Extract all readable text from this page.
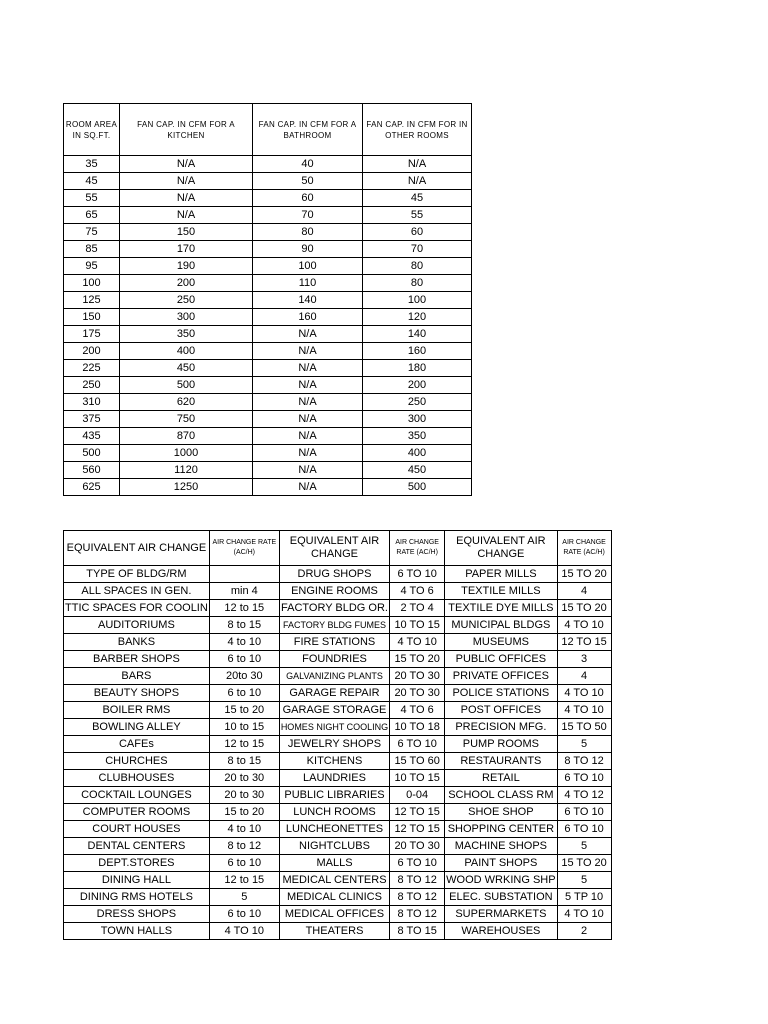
ROOM AREA IN SQ.FT.	FAN CAP. IN CFM FOR A KITCHEN	FAN CAP. IN CFM FOR A BATHROOM	FAN CAP. IN CFM FOR IN OTHER ROOMS
35	N/A	40	N/A
45	N/A	50	N/A
55	N/A	60	45
65	N/A	70	55
75	150	80	60
85	170	90	70
95	190	100	80
100	200	110	80
125	250	140	100
150	300	160	120
175	350	N/A	140
200	400	N/A	160
225	450	N/A	180
250	500	N/A	200
310	620	N/A	250
375	750	N/A	300
435	870	N/A	350
500	1000	N/A	400
560	1120	N/A	450
625	1250	N/A	500
EQUIVALENT AIR CHANGE	AIR CHANGE RATE (AC/H)	EQUIVALENT AIR CHANGE	AIR CHANGE RATE (AC/H)	EQUIVALENT AIR CHANGE	AIR CHANGE RATE (AC/H)
TYPE OF BLDG/RM		DRUG SHOPS	6 TO 10	PAPER MILLS	15 TO 20
ALL SPACES IN GEN.	min 4	ENGINE ROOMS	4 TO 6	TEXTILE MILLS	4
TTIC SPACES FOR COOLIN	12 to 15	FACTORY BLDG OR.	2 TO 4	TEXTILE DYE MILLS	15 TO 20
AUDITORIUMS	8 to 15	FACTORY BLDG FUMES	10 TO 15	MUNICIPAL BLDGS	4 TO 10
BANKS	4 to 10	FIRE STATIONS	4 TO 10	MUSEUMS	12 TO 15
BARBER SHOPS	6 to 10	FOUNDRIES	15 TO 20	PUBLIC OFFICES	3
BARS	20to 30	GALVANIZING PLANTS	20 TO 30	PRIVATE OFFICES	4
BEAUTY SHOPS	6 to 10	GARAGE REPAIR	20 TO 30	POLICE STATIONS	4 TO 10
BOILER RMS	15 to 20	GARAGE STORAGE	4 TO 6	POST OFFICES	4 TO 10
BOWLING ALLEY	10 to 15	HOMES NIGHT COOLING	10 TO 18	PRECISION MFG.	15 TO 50
CAFEs	12 to 15	JEWELRY SHOPS	6 TO 10	PUMP ROOMS	5
CHURCHES	8 to 15	KITCHENS	15 TO 60	RESTAURANTS	8 TO 12
CLUBHOUSES	20 to 30	LAUNDRIES	10 TO 15	RETAIL	6 TO 10
COCKTAIL LOUNGES	20 to 30	PUBLIC LIBRARIES	0-04	SCHOOL CLASS RM	4 TO 12
COMPUTER ROOMS	15 to 20	LUNCH ROOMS	12 TO 15	SHOE SHOP	6 TO 10
COURT HOUSES	4 to 10	LUNCHEONETTES	12 TO 15	SHOPPING CENTER	6 TO 10
DENTAL CENTERS	8 to 12	NIGHTCLUBS	20 TO 30	MACHINE SHOPS	5
DEPT.STORES	6 to 10	MALLS	6 TO 10	PAINT SHOPS	15 TO 20
DINING HALL	12 to 15	MEDICAL CENTERS	8 TO 12	WOOD WRKING SHP	5
DINING RMS HOTELS	5	MEDICAL CLINICS	8 TO 12	ELEC. SUBSTATION	5 TP 10
DRESS SHOPS	6 to 10	MEDICAL OFFICES	8 TO 12	SUPERMARKETS	4 TO 10
TOWN HALLS	4 TO 10	THEATERS	8 TO 15	WAREHOUSES	2
